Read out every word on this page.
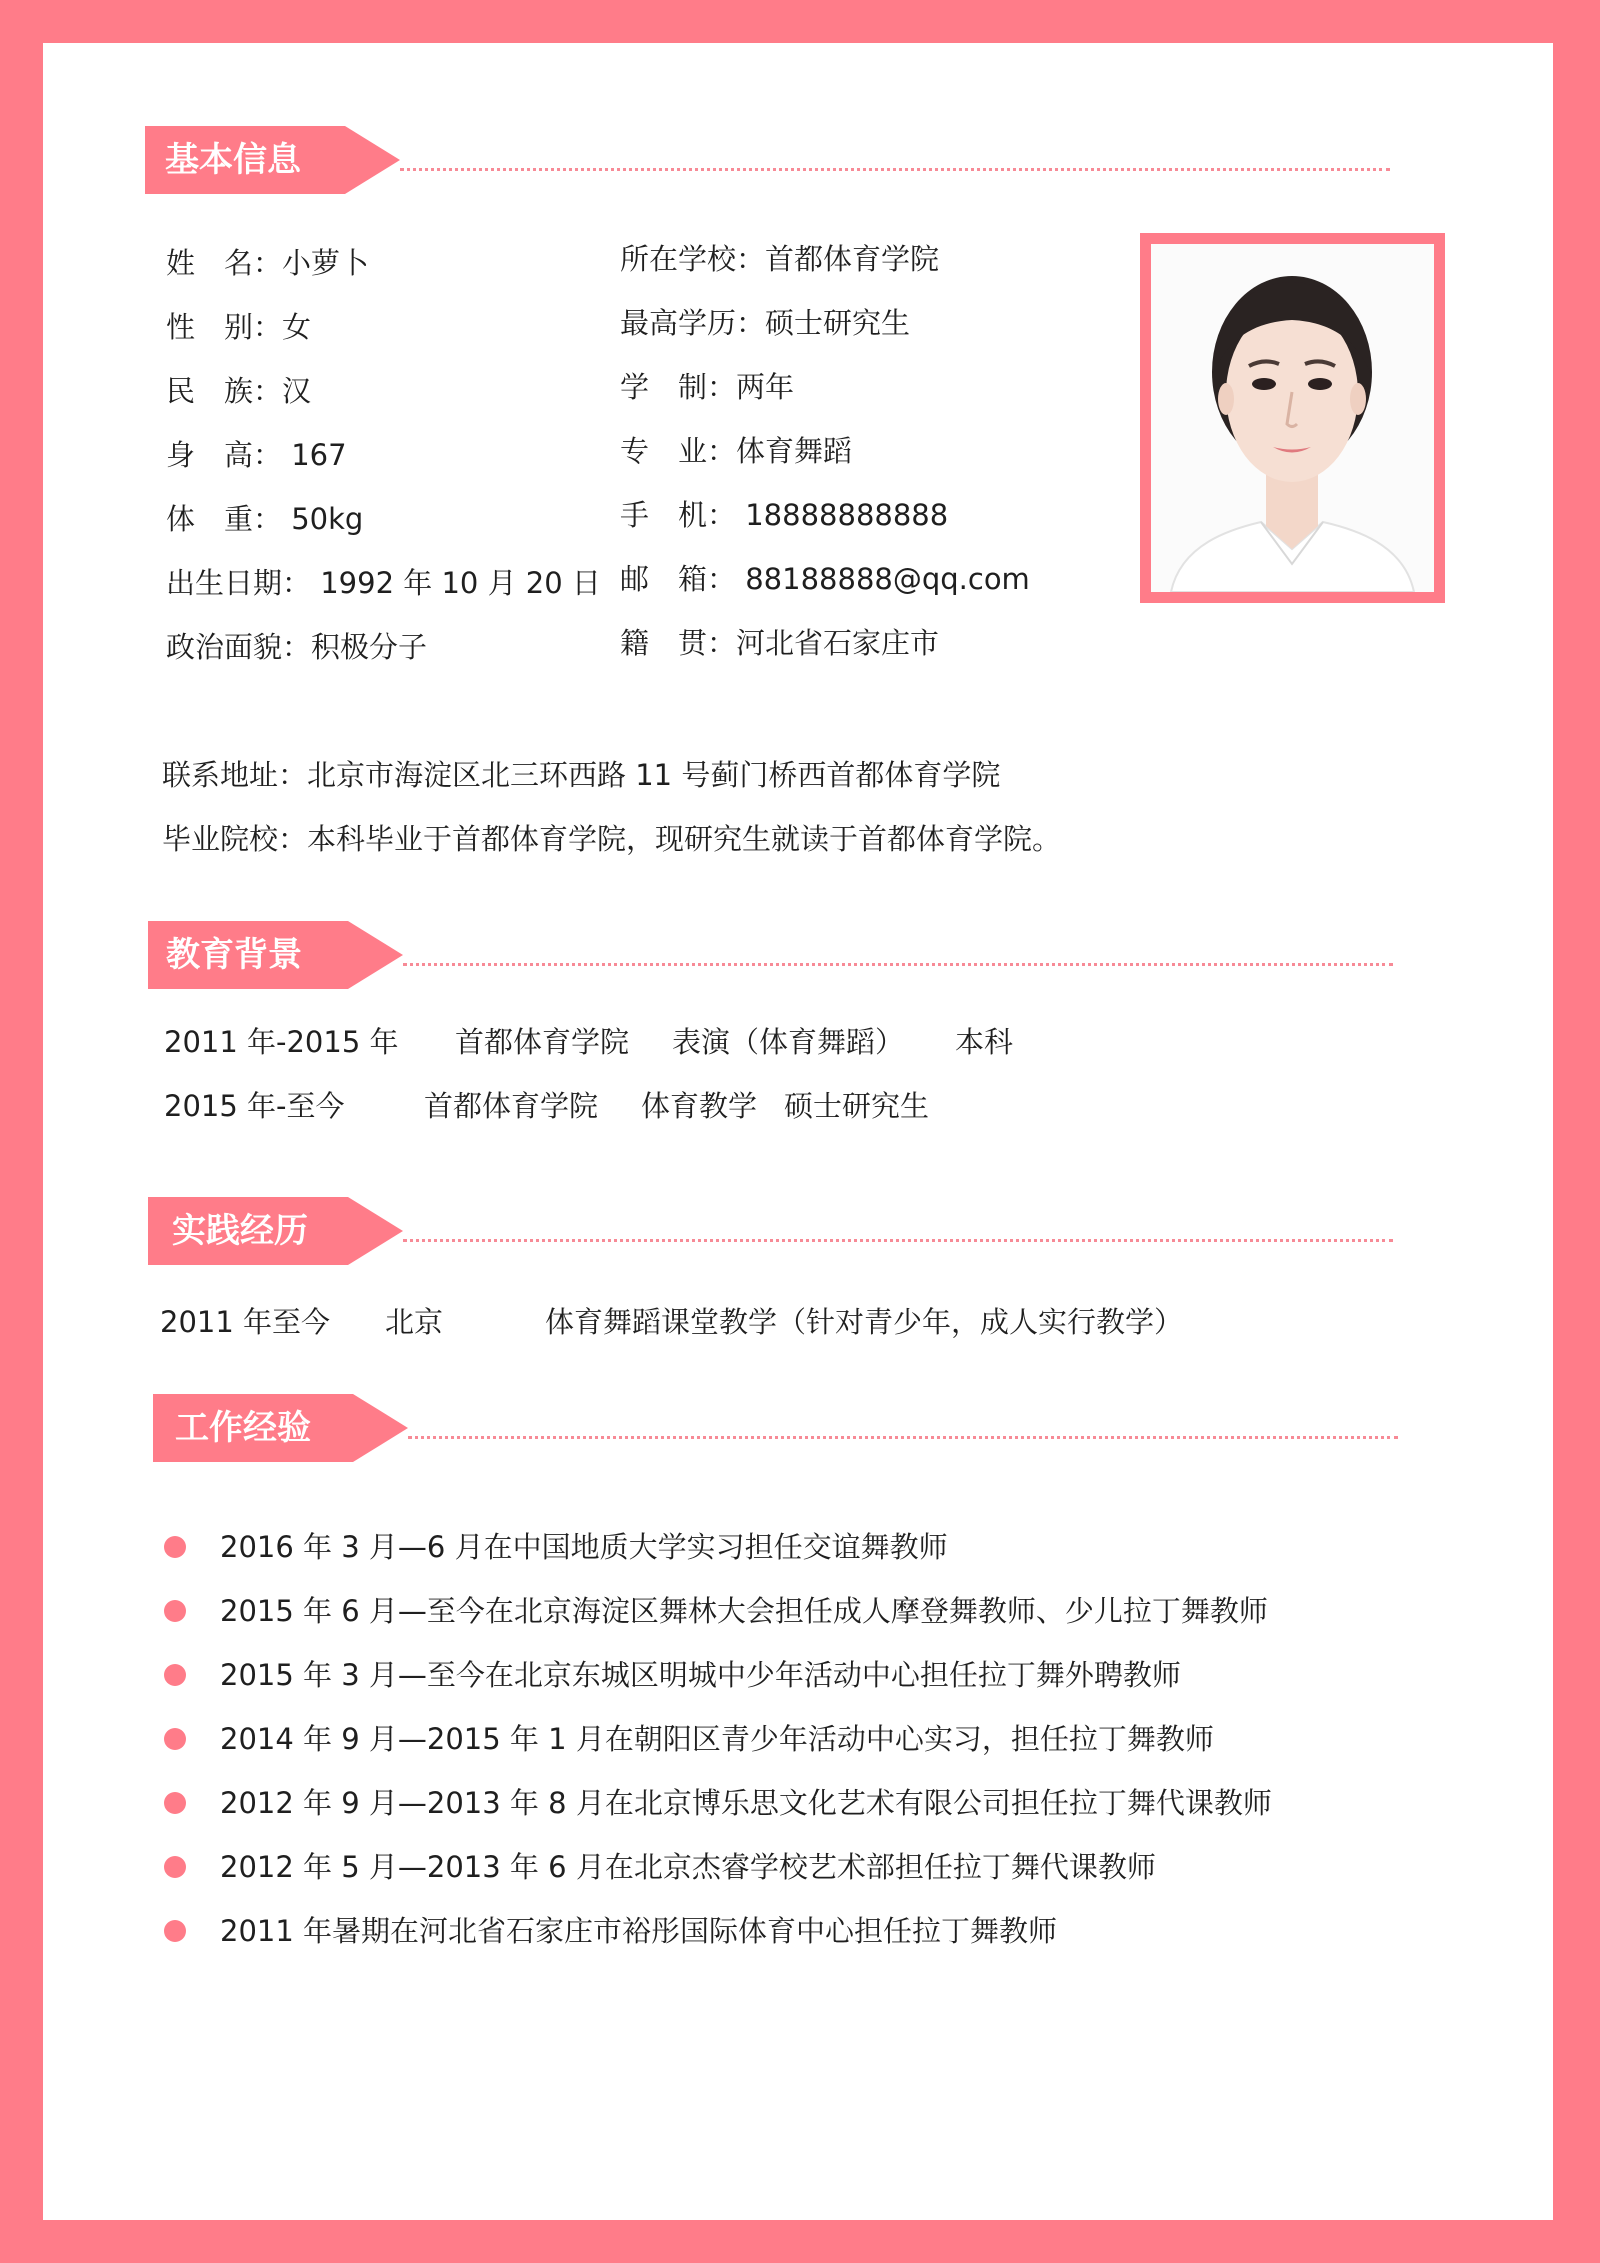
基本信息
姓　名：小萝卜
性　别：女
民　族：汉
身　高： 167
体　重： 50kg
出生日期： 1992 年 10 月 20 日
政治面貌：积极分子
所在学校：首都体育学院
最高学历：硕士研究生
学　制：两年
专　业：体育舞蹈
手　机： 18888888888
邮　箱： 88188888@qq.com
籍　贯：河北省石家庄市
联系地址：北京市海淀区北三环西路 11 号蓟门桥西首都体育学院
毕业院校：本科毕业于首都体育学院，现研究生就读于首都体育学院。
教育背景
2011 年-2015 年 首都体育学院 表演（体育舞蹈） 本科
2015 年-至今	首都体育学院 体育教学 硕士研究生
实践经历
2011 年至今 北京	体育舞蹈课堂教学（针对青少年，成人实行教学）
工作经验
2016 年 3 月—6 月在中国地质大学实习担任交谊舞教师
2015 年 6 月—至今在北京海淀区舞林大会担任成人摩登舞教师、少儿拉丁舞教师
2015 年 3 月—至今在北京东城区明城中少年活动中心担任拉丁舞外聘教师
2014 年 9 月—2015 年 1 月在朝阳区青少年活动中心实习，担任拉丁舞教师
2012 年 9 月—2013 年 8 月在北京博乐思文化艺术有限公司担任拉丁舞代课教师
2012 年 5 月—2013 年 6 月在北京杰睿学校艺术部担任拉丁舞代课教师
2011 年暑期在河北省石家庄市裕彤国际体育中心担任拉丁舞教师
